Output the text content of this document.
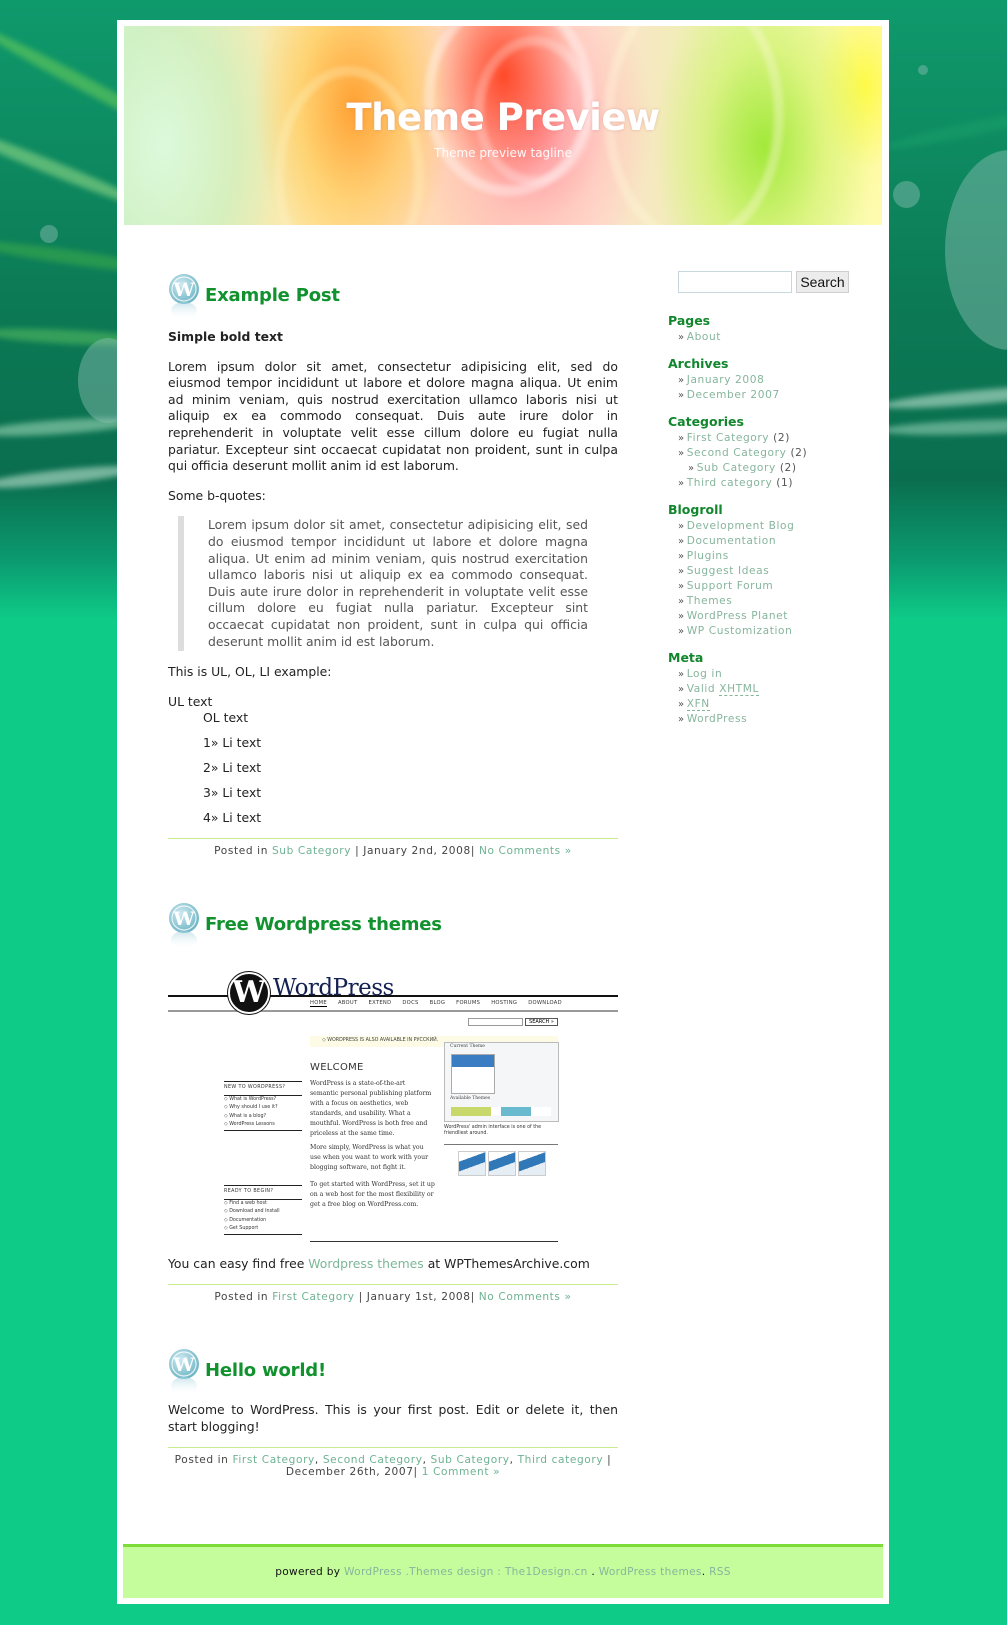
Theme Preview
Theme preview tagline
W Example Post

Simple bold text

Lorem ipsum dolor sit amet, consectetur adipisicing elit, sed do eiusmod tempor incididunt ut labore et dolore magna aliqua. Ut enim ad minim veniam, quis nostrud exercitation ullamco laboris nisi ut aliquip ex ea commodo consequat. Duis aute irure dolor in reprehenderit in voluptate velit esse cillum dolore eu fugiat nulla pariatur. Excepteur sint occaecat cupidatat non proident, sunt in culpa qui officia deserunt mollit anim id est laborum.

Some b-quotes:

Lorem ipsum dolor sit amet, consectetur adipisicing elit, sed do eiusmod tempor incididunt ut labore et dolore magna aliqua. Ut enim ad minim veniam, quis nostrud exercitation ullamco laboris nisi ut aliquip ex ea commodo consequat. Duis aute irure dolor in reprehenderit in voluptate velit esse cillum dolore eu fugiat nulla pariatur. Excepteur sint occaecat cupidatat non proident, sunt in culpa qui officia deserunt mollit anim id est laborum.

This is UL, OL, LI example:

UL text
OL text
1» Li text
2» Li text
3» Li text
4» Li text
Posted in Sub Category | January 2nd, 2008| No Comments »
W Free Wordpress themes
W WordPress
HOME ABOUT EXTEND DOCS BLOG FORUMS HOSTING DOWNLOAD
SEARCH »
◇ WORDPRESS IS ALSO AVAILABLE IN РУССКИЙ.
WELCOME
WordPress is a state-of-the-art semantic personal publishing platform with a focus on aesthetics, web standards, and usability. What a mouthful. WordPress is both free and priceless at the same time.
More simply, WordPress is what you use when you want to work with your blogging software, not fight it.
To get started with WordPress, set it up on a web host for the most flexibility or get a free blog on WordPress.com.
NEW TO WORDPRESS?
◇ What is WordPress?
◇ Why should I use it?
◇ What is a blog?
◇ WordPress Lessons
READY TO BEGIN?
◇ Find a web host
◇ Download and Install
◇ Documentation
◇ Get Support
Current Theme
Available Themes
WordPress' admin interface is one of the friendliest around.

You can easy find free Wordpress themes at WPThemesArchive.com

Posted in First Category | January 1st, 2008| No Comments »
W Hello world!

Welcome to WordPress. This is your first post. Edit or delete it, then start blogging!

Posted in First Category, Second Category, Sub Category, Third category |
December 26th, 2007| 1 Comment »
Search
Pages
» About
Archives
» January 2008
» December 2007
Categories
» First Category (2)
» Second Category (2)
» Sub Category (2)
» Third category (1)
Blogroll
» Development Blog
» Documentation
» Plugins
» Suggest Ideas
» Support Forum
» Themes
» WordPress Planet
» WP Customization
Meta
» Log in
» Valid XHTML
» XFN
» WordPress
powered by WordPress .Themes design : The1Design.cn . WordPress themes. RSS
